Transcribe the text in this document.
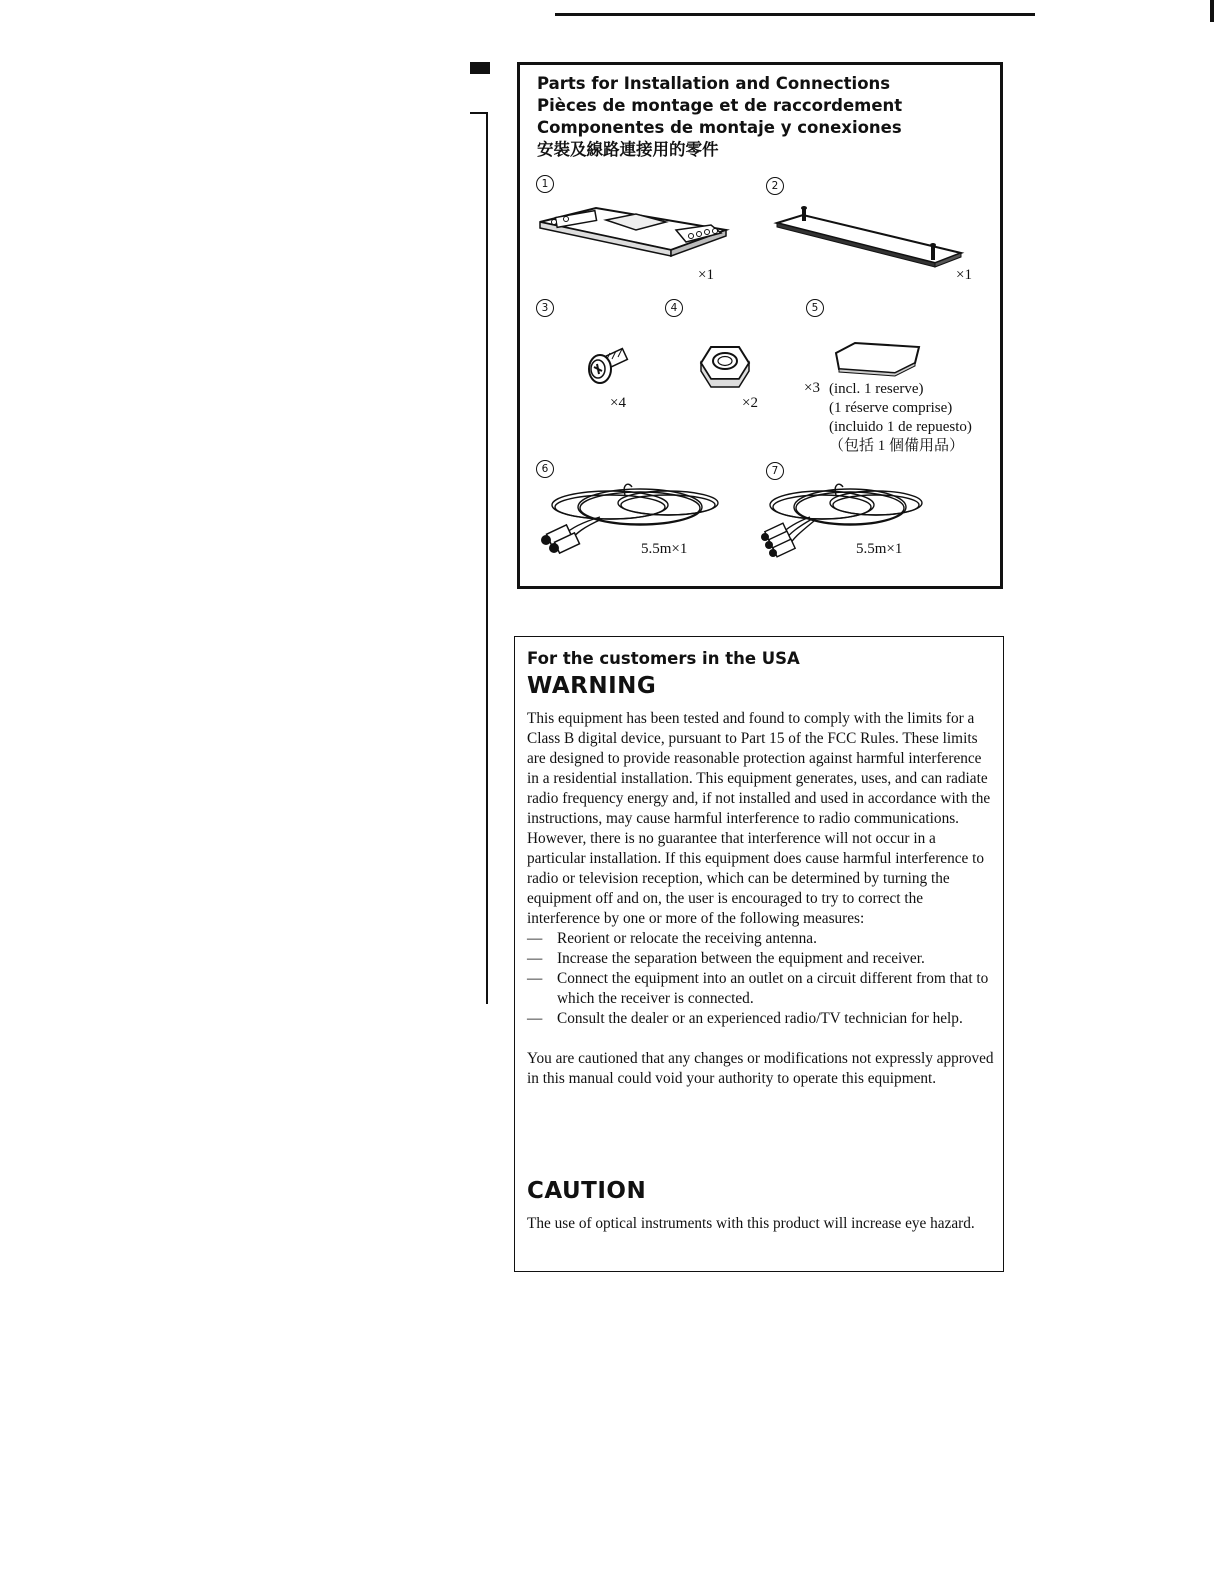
Parts for Installation and Connections
Pièces de montage et de raccordement
Componentes de montaje y conexiones
安裝及線路連接用的零件
1
×1
2
×1
3
×4
4
×2
5
×3 (incl. 1 reserve)
(1 réserve comprise)
(incluido 1 de repuesto)
（包括 1 個備用品）
6
5.5m×1
7
5.5m×1
For the customers in the USA
WARNING

This equipment has been tested and found to comply with the limits for a Class B digital device, pursuant to Part 15 of the FCC Rules. These limits are designed to provide reasonable protection against harmful interference in a residential installation. This equipment generates, uses, and can radiate radio frequency energy and, if not installed and used in accordance with the instructions, may cause harmful interference to radio communications. However, there is no guarantee that interference will not occur in a particular installation. If this equipment does cause harmful interference to radio or television reception, which can be determined by turning the equipment off and on, the user is encouraged to try to correct the interference by one or more of the following measures:

— Reorient or relocate the receiving antenna.
— Increase the separation between the equipment and receiver.
— Connect the equipment into an outlet on a circuit different from that to which the receiver is connected.
— Consult the dealer or an experienced radio/TV technician for help.

You are cautioned that any changes or modifications not expressly approved in this manual could void your authority to operate this equipment.

CAUTION

The use of optical instruments with this product will increase eye hazard.
